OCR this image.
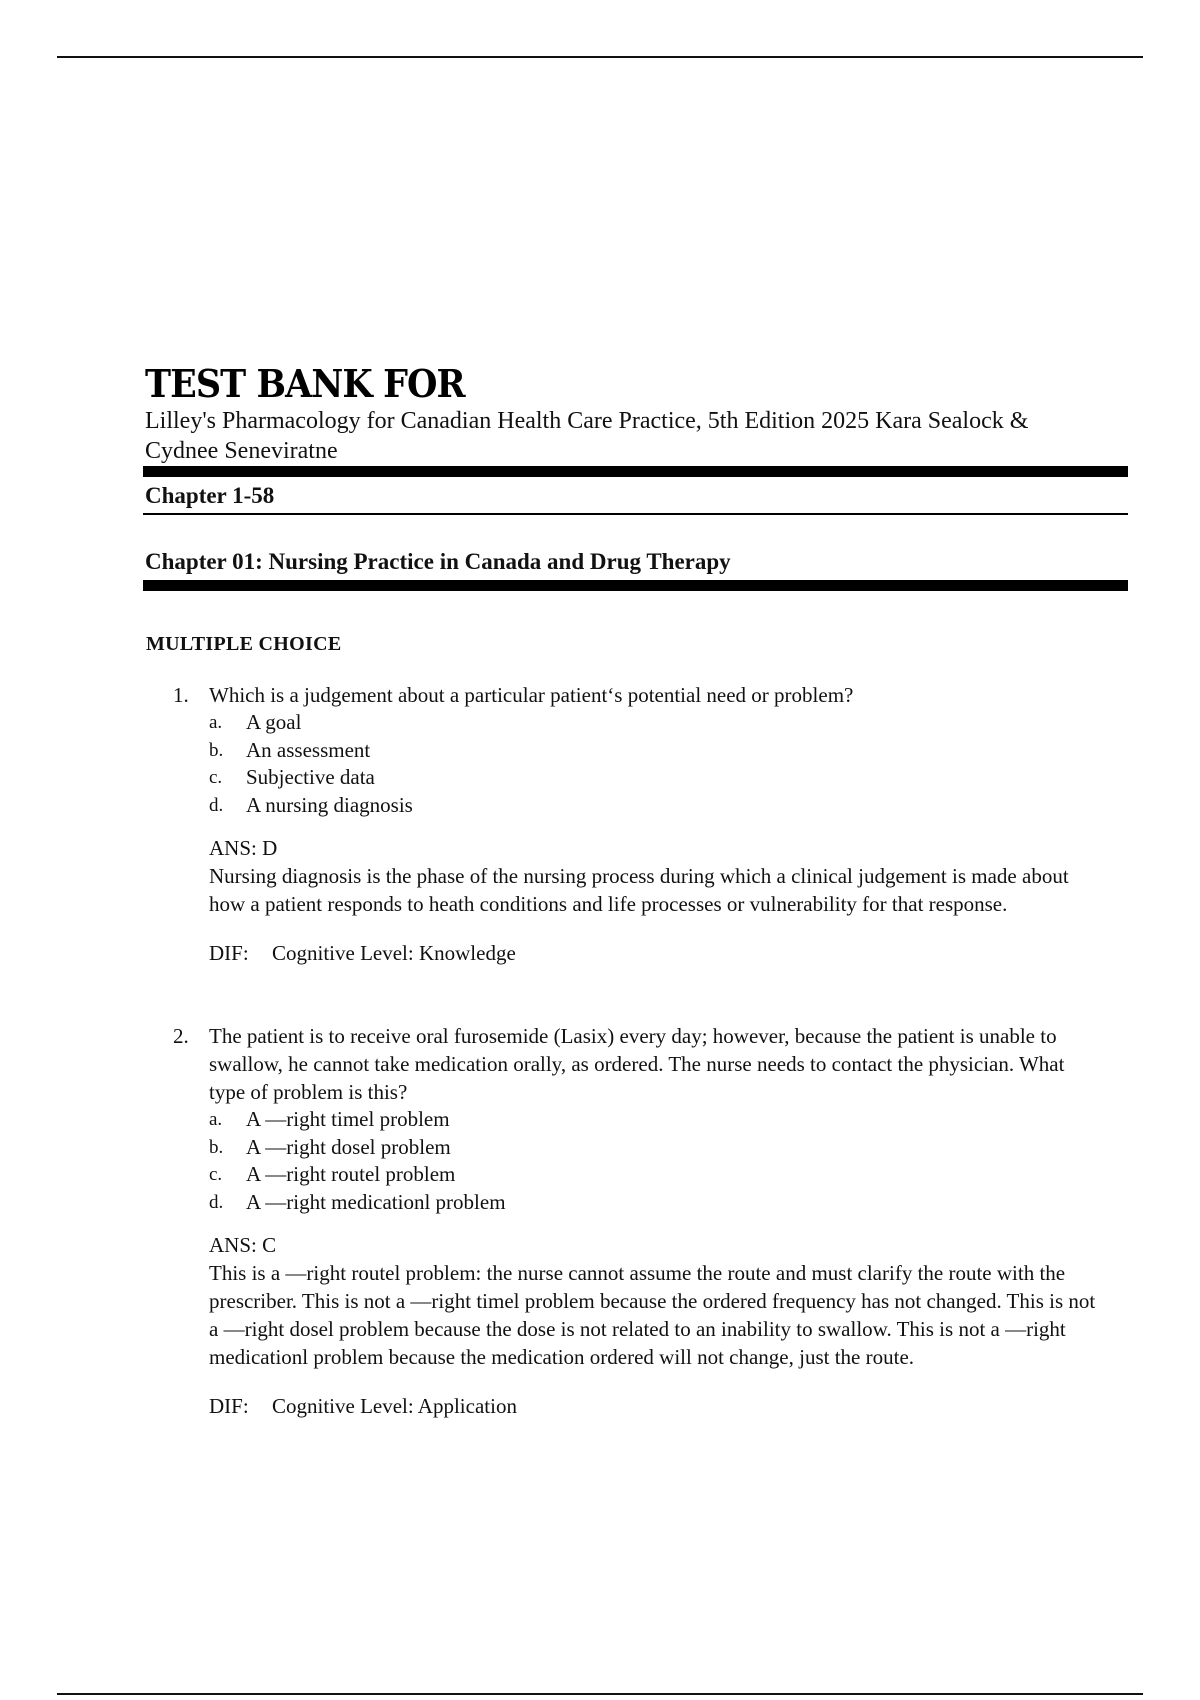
TEST BANK FOR
Lilley's Pharmacology for Canadian Health Care Practice, 5th Edition 2025 Kara Sealock &
Cydnee Seneviratne
Chapter 1-58
Chapter 01: Nursing Practice in Canada and Drug Therapy
MULTIPLE CHOICE
1. Which is a judgement about a particular patient‘s potential need or problem?
a. A goal
b. An assessment
c. Subjective data
d. A nursing diagnosis
ANS: D
Nursing diagnosis is the phase of the nursing process during which a clinical judgement is made about how a patient responds to heath conditions and life processes or vulnerability for that response.
DIF: Cognitive Level: Knowledge
2. The patient is to receive oral furosemide (Lasix) every day; however, because the patient is unable to swallow, he cannot take medication orally, as ordered. The nurse needs to contact the physician. What type of problem is this?
a. A ―right timel problem
b. A ―right dosel problem
c. A ―right routel problem
d. A ―right medicationl problem
ANS: C
This is a ―right routel problem: the nurse cannot assume the route and must clarify the route with the prescriber. This is not a ―right timel problem because the ordered frequency has not changed. This is not a ―right dosel problem because the dose is not related to an inability to swallow. This is not a ―right medicationl problem because the medication ordered will not change, just the route.
DIF: Cognitive Level: Application
